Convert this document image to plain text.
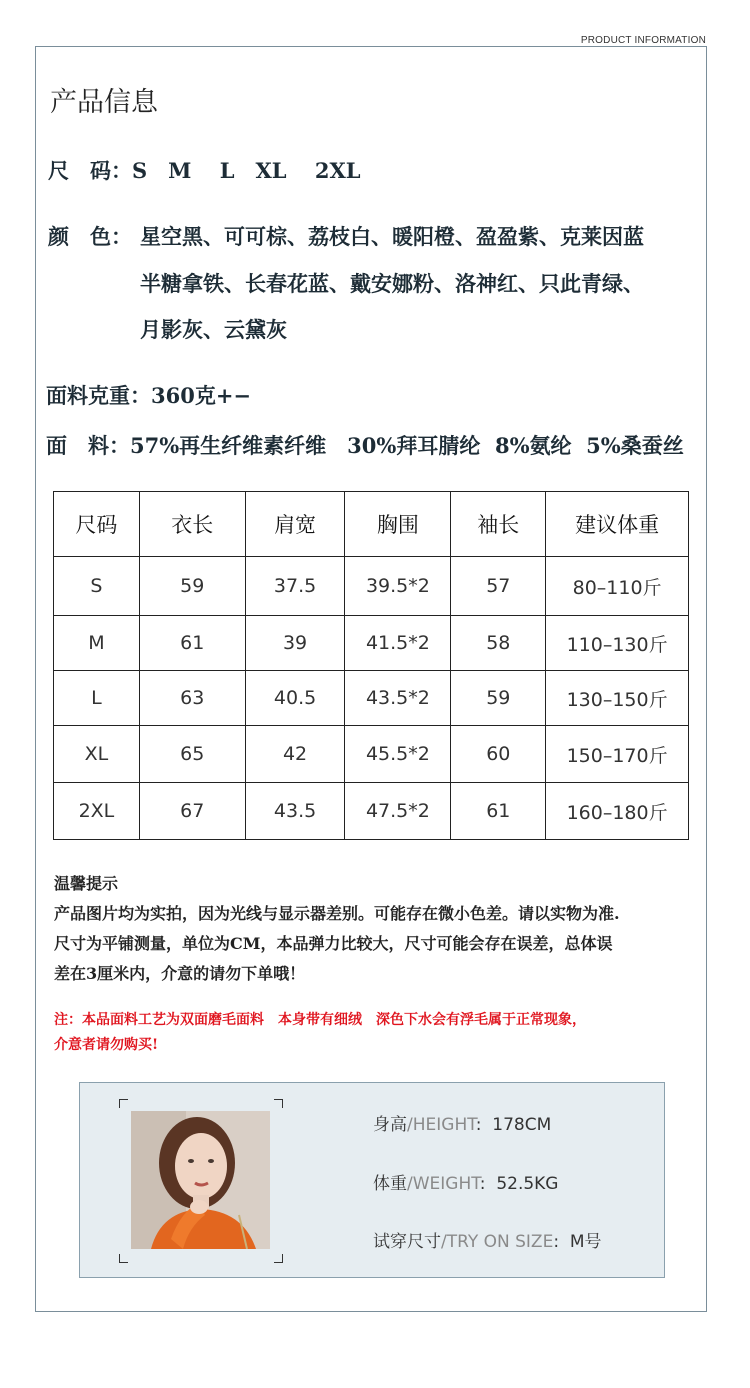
PRODUCT INFORMATION
产品信息
尺　码：S　M　 L　XL　 2XL
颜　色： 星空黑、可可棕、荔枝白、暖阳橙、盈盈紫、克莱因蓝
半糖拿铁、长春花蓝、戴安娜粉、洛神红、只此青绿、
月影灰、云黛灰
面料克重：360克+−
面　料：57%再生纤维素纤维　30%拜耳腈纶  8%氨纶  5%桑蚕丝
尺码	衣长	肩宽	胸围	袖长	建议体重
S	59	37.5	39.5*2	57	80–110斤
M	61	39	41.5*2	58	110–130斤
L	63	40.5	43.5*2	59	130–150斤
XL	65	42	45.5*2	60	150–170斤
2XL	67	43.5	47.5*2	61	160–180斤
温馨提示
产品图片均为实拍，因为光线与显示器差别。可能存在微小色差。请以实物为准.
尺寸为平铺测量，单位为CM，本品弹力比较大，尺寸可能会存在误差，总体误
差在3厘米内，介意的请勿下单哦！
注：本品面料工艺为双面磨毛面料　本身带有细绒　深色下水会有浮毛属于正常现象，
介意者请勿购买!
身高/HEIGHT:  178CM
体重/WEIGHT:  52.5KG
试穿尺寸/TRY ON SIZE:  M号
